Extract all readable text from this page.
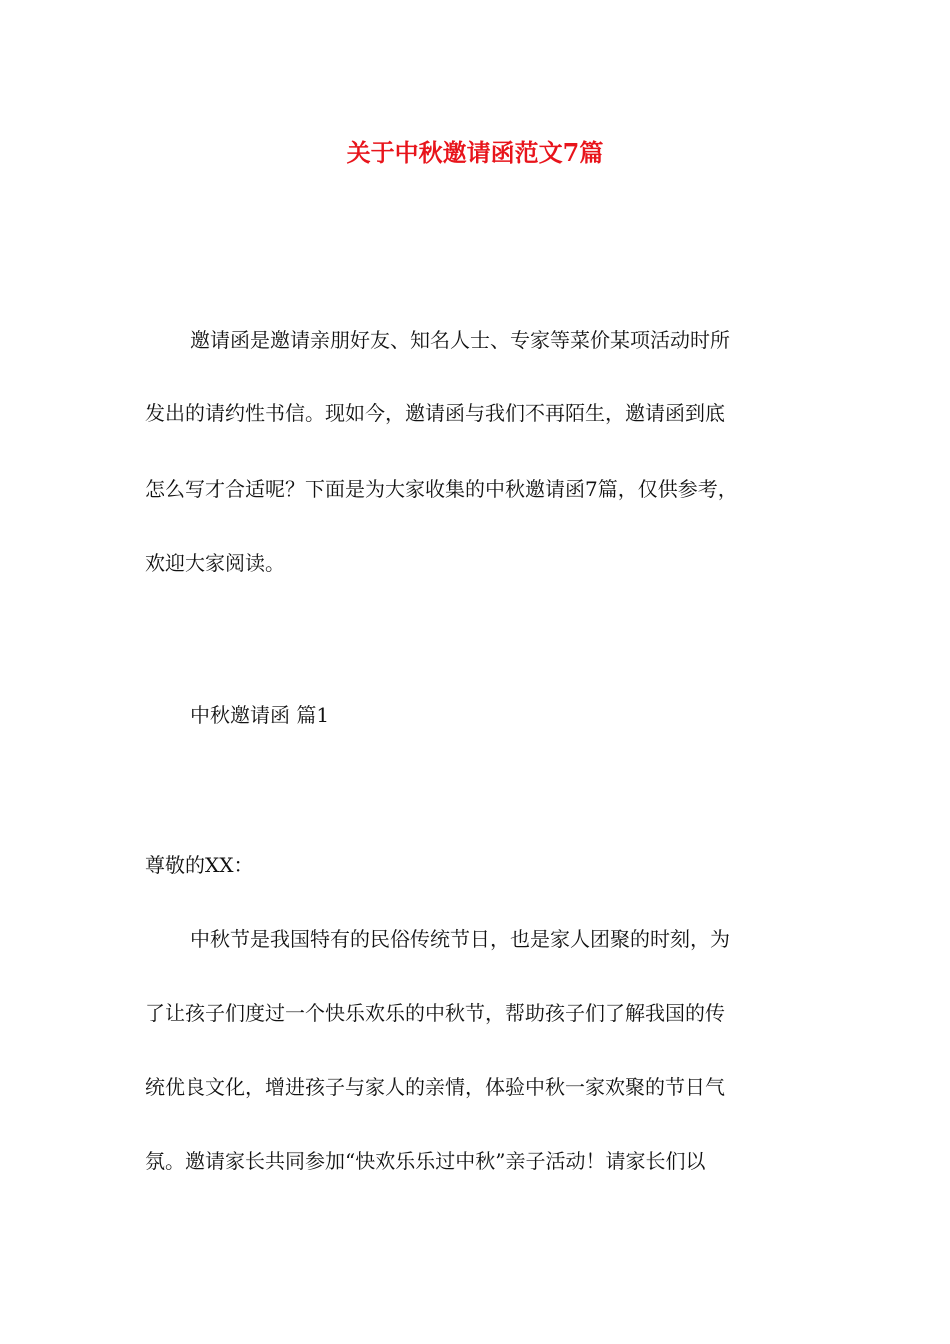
关于中秋邀请函范文7篇

邀请函是邀请亲朋好友、知名人士、专家等菜价某项活动时所

发出的请约性书信。现如今，邀请函与我们不再陌生，邀请函到底

怎么写才合适呢？下面是为大家收集的中秋邀请函7篇，仅供参考，

欢迎大家阅读。

中秋邀请函 篇1

尊敬的XX：

中秋节是我国特有的民俗传统节日，也是家人团聚的时刻，为

了让孩子们度过一个快乐欢乐的中秋节，帮助孩子们了解我国的传

统优良文化，增进孩子与家人的亲情，体验中秋一家欢聚的节日气

氛。邀请家长共同参加“快欢乐乐过中秋”亲子活动！请家长们以
